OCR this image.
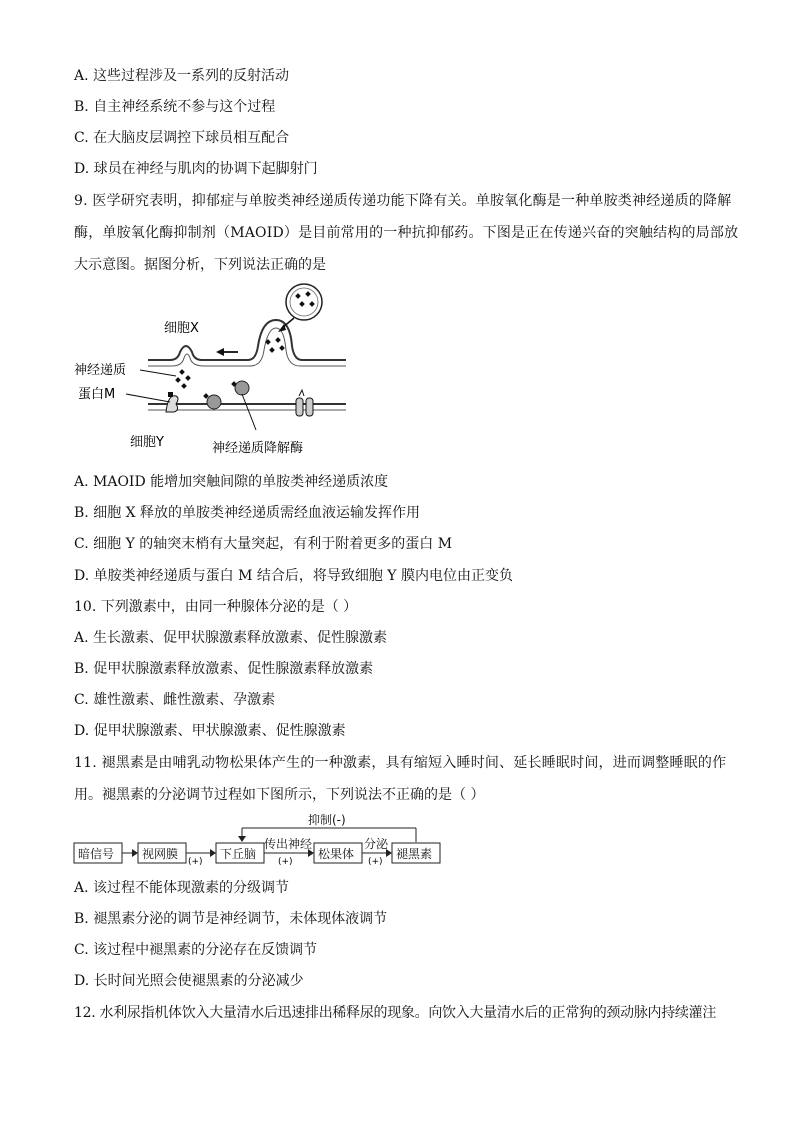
A. 这些过程涉及一系列的反射活动
B. 自主神经系统不参与这个过程
C. 在大脑皮层调控下球员相互配合
D. 球员在神经与肌肉的协调下起脚射门
9. 医学研究表明，抑郁症与单胺类神经递质传递功能下降有关。单胺氧化酶是一种单胺类神经递质的降解
酶，单胺氧化酶抑制剂（MAOID）是目前常用的一种抗抑郁药。下图是正在传递兴奋的突触结构的局部放
大示意图。据图分析，下列说法正确的是
细胞X
神经递质
蛋白M
细胞Y	神经递质降解酶
A. MAOID 能增加突触间隙的单胺类神经递质浓度
B. 细胞 X 释放的单胺类神经递质需经血液运输发挥作用
C. 细胞 Y 的轴突末梢有大量突起，有利于附着更多的蛋白 M
D. 单胺类神经递质与蛋白 M 结合后，将导致细胞 Y 膜内电位由正变负
10. 下列激素中，由同一种腺体分泌的是（ ）
A. 生长激素、促甲状腺激素释放激素、促性腺激素
B. 促甲状腺激素释放激素、促性腺激素释放激素
C. 雄性激素、雌性激素、孕激素
D. 促甲状腺激素、甲状腺激素、促性腺激素
11. 褪黑素是由哺乳动物松果体产生的一种激素，具有缩短入睡时间、延长睡眠时间，进而调整睡眠的作
用。褪黑素的分泌调节过程如下图所示，下列说法不正确的是（ ）
抑制(-)
暗信号 视网膜
(+)
下丘脑
传出神经
(+)
松果体
分泌
(+)
褪黑素
A. 该过程不能体现激素的分级调节
B. 褪黑素分泌的调节是神经调节，未体现体液调节
C. 该过程中褪黑素的分泌存在反馈调节
D. 长时间光照会使褪黑素的分泌减少
12. 水利尿指机体饮入大量清水后迅速排出稀释尿的现象。向饮入大量清水后的正常狗的颈动脉内持续灌注
